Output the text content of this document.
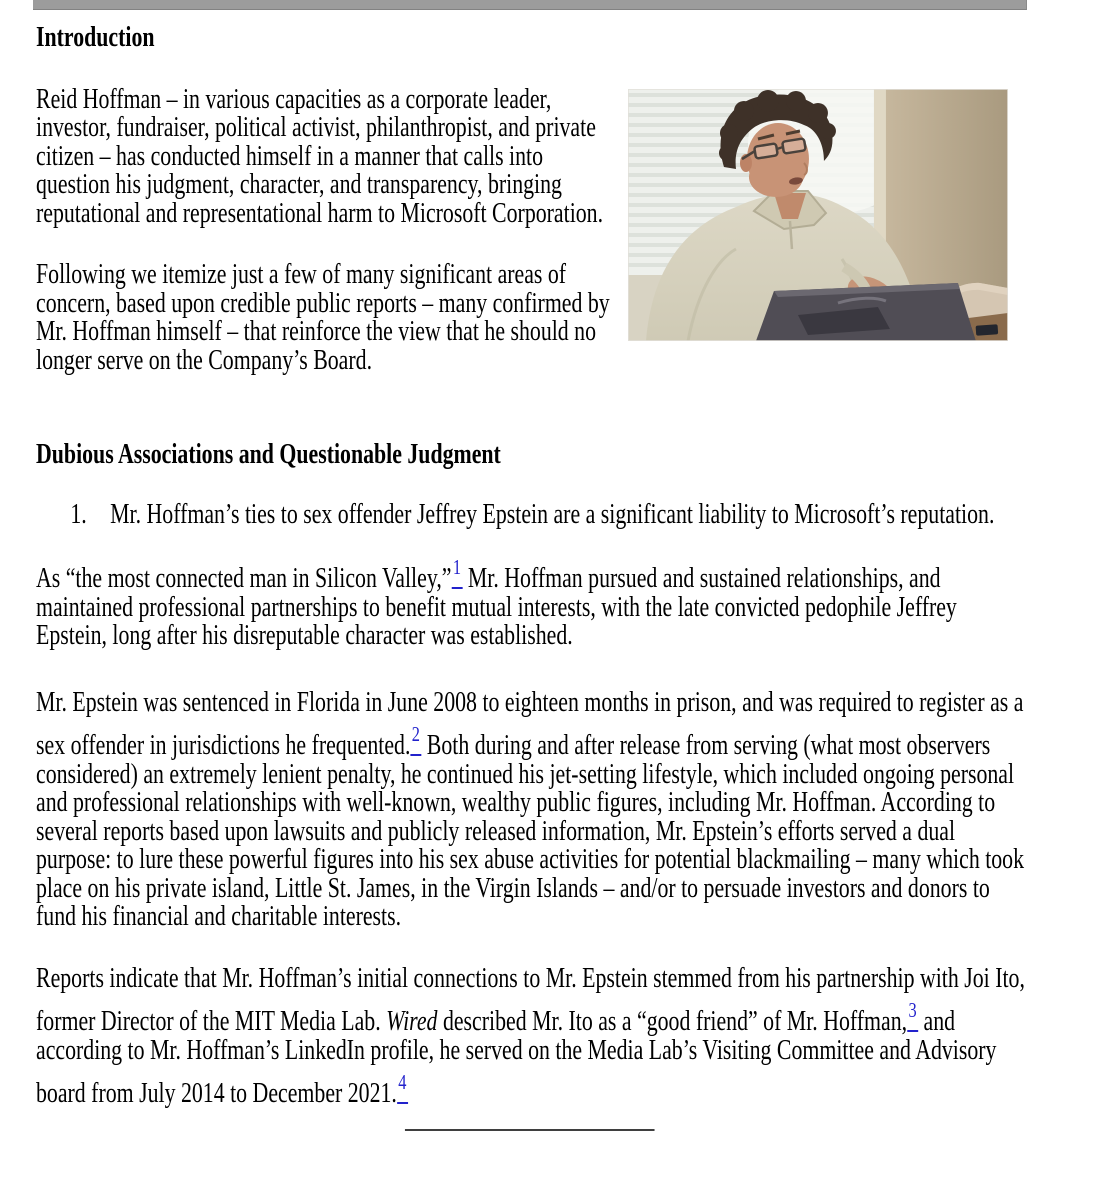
Introduction

Reid Hoffman – in various capacities as a corporate leader, investor, fundraiser, political activist, philanthropist, and private citizen – has conducted himself in a manner that calls into question his judgment, character, and transparency, bringing reputational and representational harm to Microsoft Corporation.

Following we itemize just a few of many significant areas of concern, based upon credible public reports – many confirmed by Mr. Hoffman himself – that reinforce the view that he should no longer serve on the Company’s Board.

Dubious Associations and Questionable Judgment
1. Mr. Hoffman’s ties to sex offender Jeffrey Epstein are a significant liability to Microsoft’s reputation.

As “the most connected man in Silicon Valley,”1 Mr. Hoffman pursued and sustained relationships, and maintained professional partnerships to benefit mutual interests, with the late convicted pedophile Jeffrey Epstein, long after his disreputable character was established.

Mr. Epstein was sentenced in Florida in June 2008 to eighteen months in prison, and was required to register as a sex offender in jurisdictions he frequented.2 Both during and after release from serving (what most observers considered) an extremely lenient penalty, he continued his jet-setting lifestyle, which included ongoing personal and professional relationships with well-known, wealthy public figures, including Mr. Hoffman. According to several reports based upon lawsuits and publicly released information, Mr. Epstein’s efforts served a dual purpose: to lure these powerful figures into his sex abuse activities for potential blackmailing – many which took place on his private island, Little St. James, in the Virgin Islands – and/or to persuade investors and donors to fund his financial and charitable interests.

Reports indicate that Mr. Hoffman’s initial connections to Mr. Epstein stemmed from his partnership with Joi Ito, former Director of the MIT Media Lab. Wired described Mr. Ito as a “good friend” of Mr. Hoffman,3 and according to Mr. Hoffman’s LinkedIn profile, he served on the Media Lab’s Visiting Committee and Advisory board from July 2014 to December 2021.4
